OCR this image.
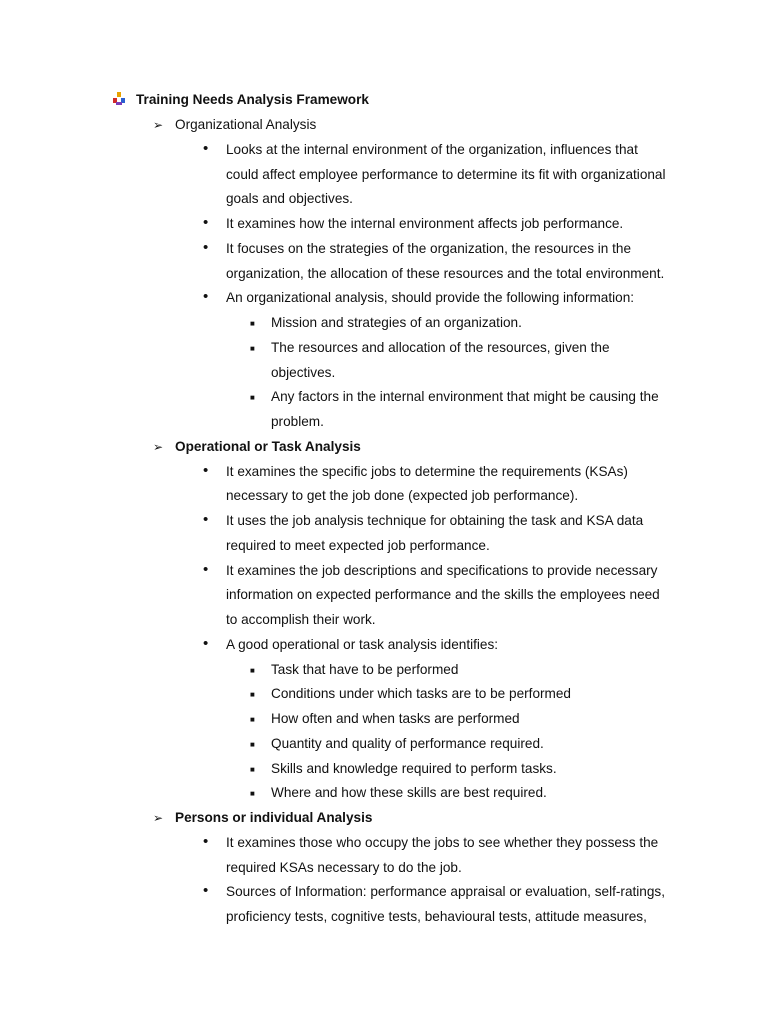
Training Needs Analysis Framework
➢ Organizational Analysis
• Looks at the internal environment of the organization, influences that
could affect employee performance to determine its fit with organizational
goals and objectives.
• It examines how the internal environment affects job performance.
• It focuses on the strategies of the organization, the resources in the
organization, the allocation of these resources and the total environment.
• An organizational analysis, should provide the following information:
■ Mission and strategies of an organization.
■ The resources and allocation of the resources, given the
objectives.
■ Any factors in the internal environment that might be causing the
problem.
➢ Operational or Task Analysis
• It examines the specific jobs to determine the requirements (KSAs)
necessary to get the job done (expected job performance).
• It uses the job analysis technique for obtaining the task and KSA data
required to meet expected job performance.
• It examines the job descriptions and specifications to provide necessary
information on expected performance and the skills the employees need
to accomplish their work.
• A good operational or task analysis identifies:
■ Task that have to be performed
■ Conditions under which tasks are to be performed
■ How often and when tasks are performed
■ Quantity and quality of performance required.
■ Skills and knowledge required to perform tasks.
■ Where and how these skills are best required.
➢ Persons or individual Analysis
• It examines those who occupy the jobs to see whether they possess the
required KSAs necessary to do the job.
• Sources of Information: performance appraisal or evaluation, self-ratings,
proficiency tests, cognitive tests, behavioural tests, attitude measures,
